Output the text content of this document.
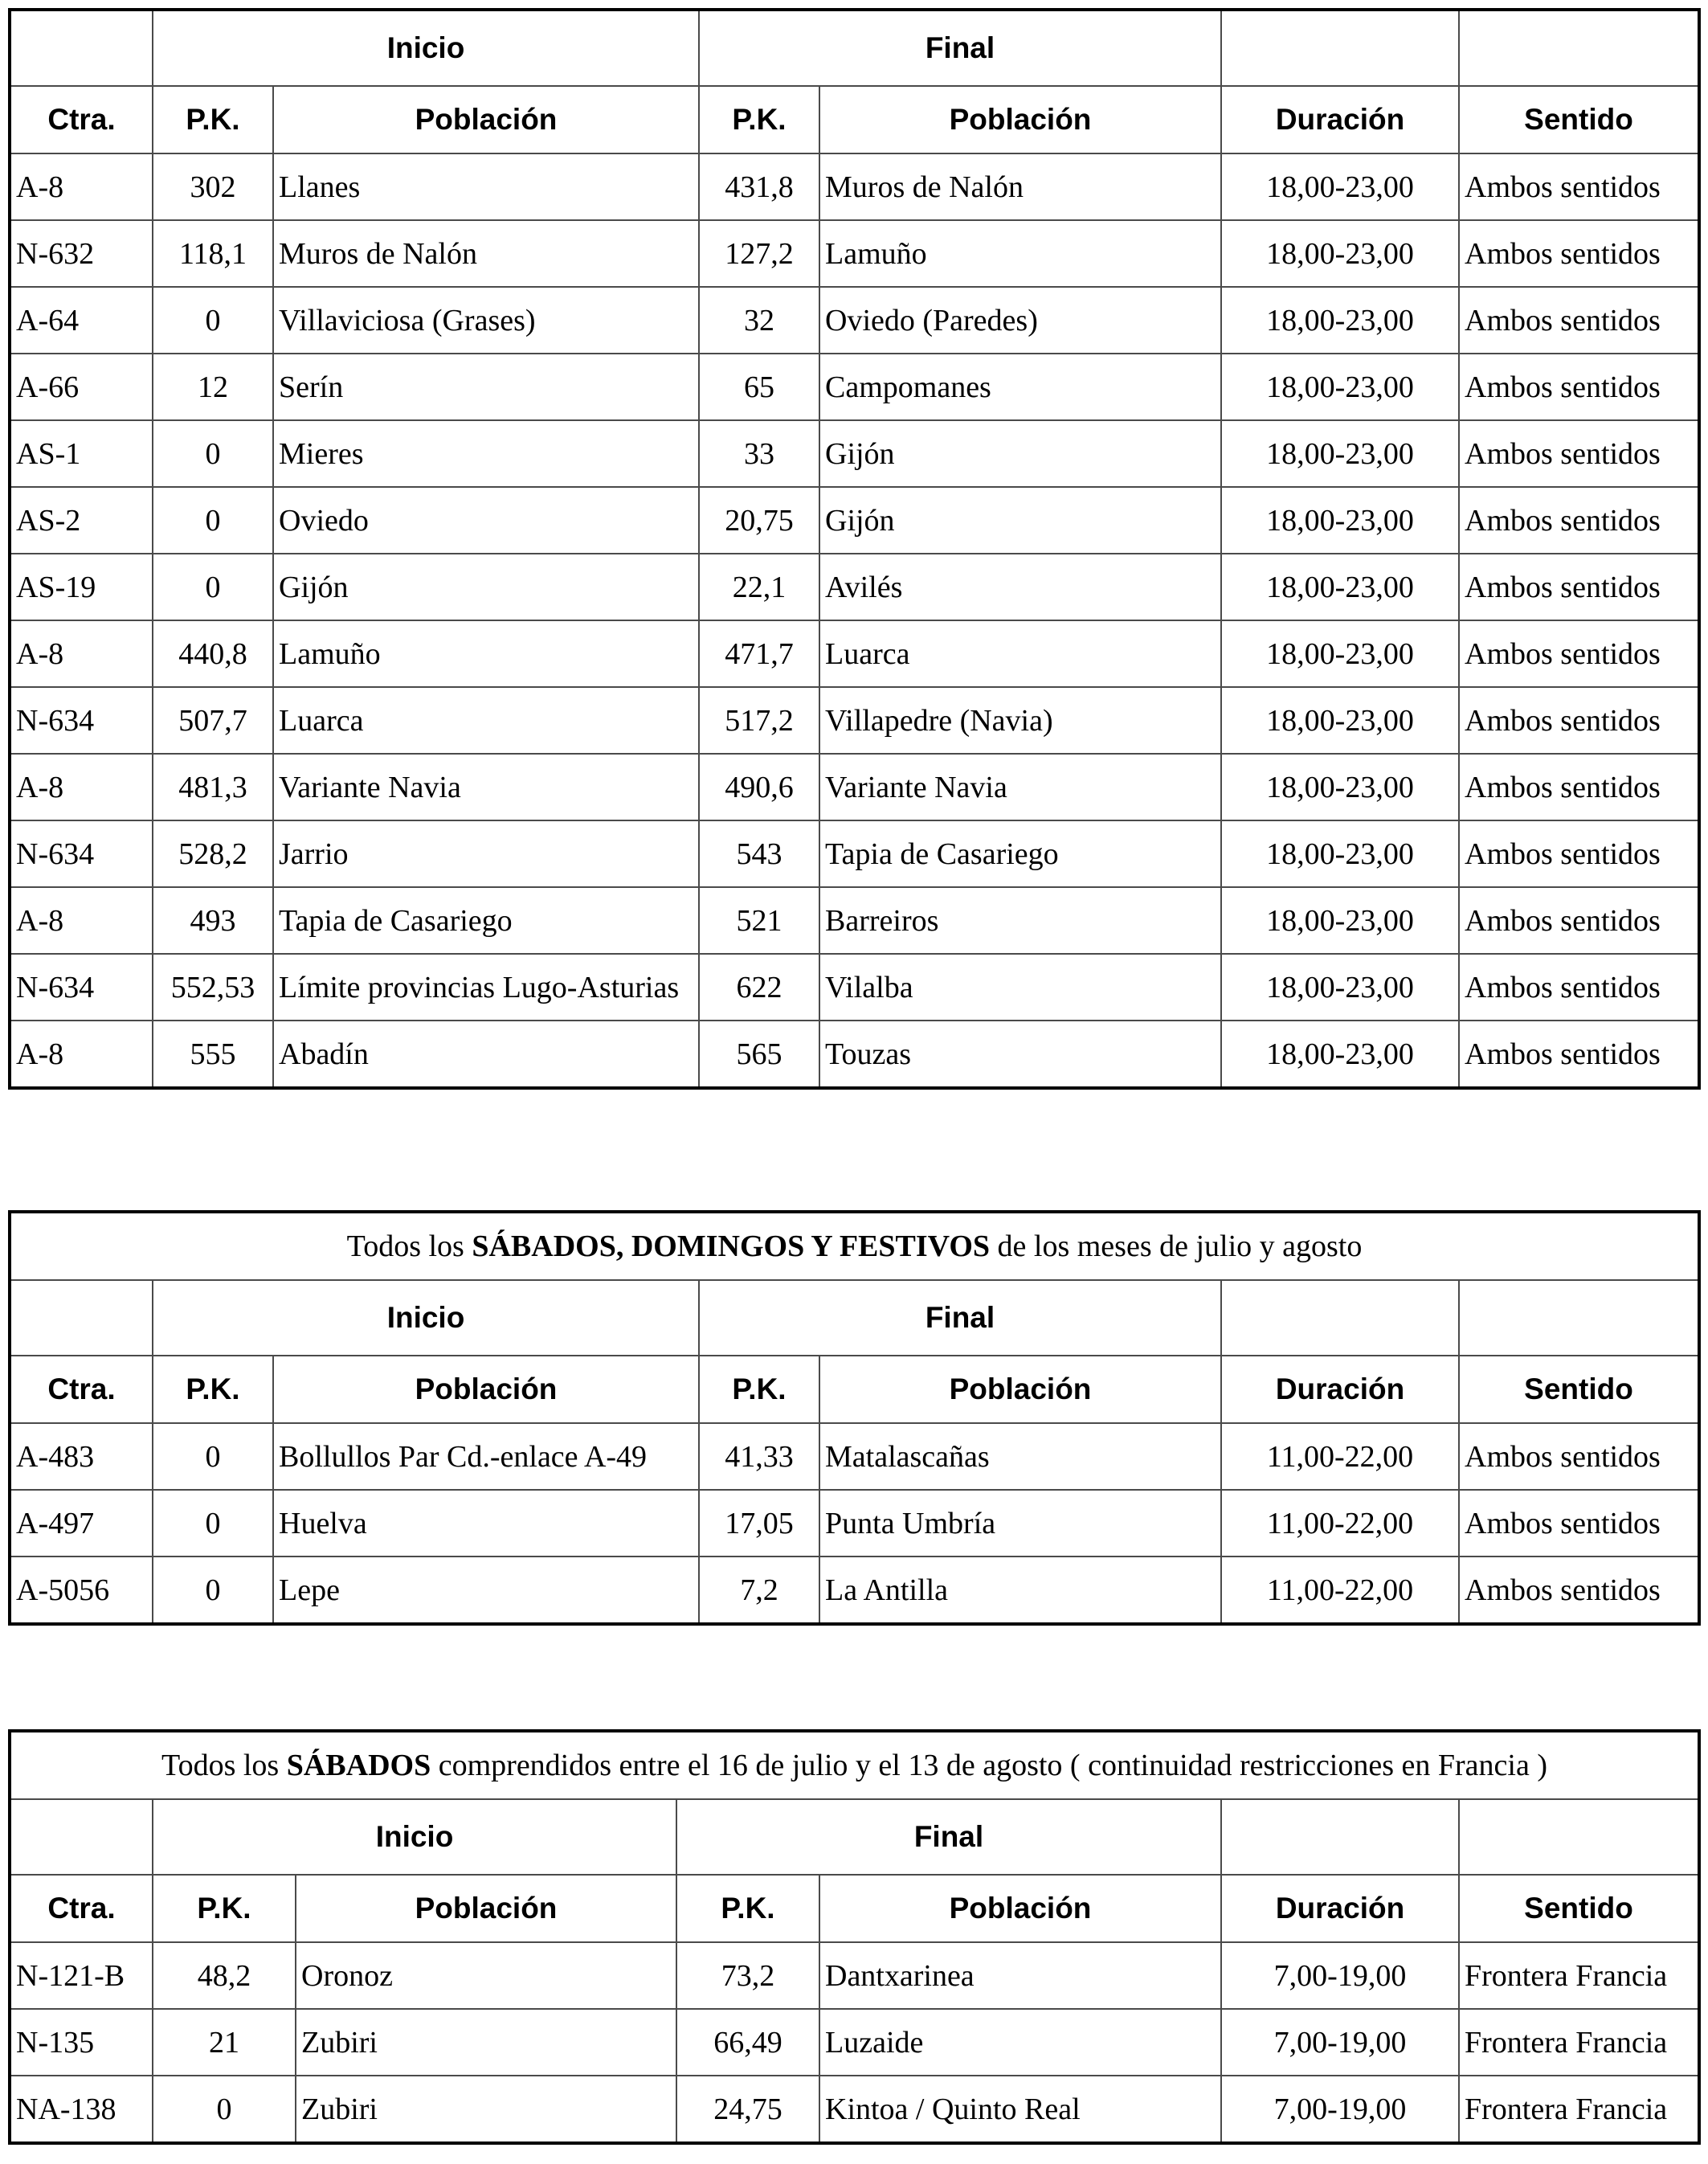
	Inicio		Final			
Ctra.	P.K.	Población	P.K.	Población	Duración	Sentido
A-8	302	Llanes	431,8	Muros de Nalón	18,00-23,00	Ambos sentidos
N-632	118,1	Muros de Nalón	127,2	Lamuño	18,00-23,00	Ambos sentidos
A-64	0	Villaviciosa (Grases)	32	Oviedo (Paredes)	18,00-23,00	Ambos sentidos
A-66	12	Serín	65	Campomanes	18,00-23,00	Ambos sentidos
AS-1	0	Mieres	33	Gijón	18,00-23,00	Ambos sentidos
AS-2	0	Oviedo	20,75	Gijón	18,00-23,00	Ambos sentidos
AS-19	0	Gijón	22,1	Avilés	18,00-23,00	Ambos sentidos
A-8	440,8	Lamuño	471,7	Luarca	18,00-23,00	Ambos sentidos
N-634	507,7	Luarca	517,2	Villapedre (Navia)	18,00-23,00	Ambos sentidos
A-8	481,3	Variante Navia	490,6	Variante Navia	18,00-23,00	Ambos sentidos
N-634	528,2	Jarrio	543	Tapia de Casariego	18,00-23,00	Ambos sentidos
A-8	493	Tapia de Casariego	521	Barreiros	18,00-23,00	Ambos sentidos
N-634	552,53	Límite provincias Lugo-Asturias	622	Vilalba	18,00-23,00	Ambos sentidos
A-8	555	Abadín	565	Touzas	18,00-23,00	Ambos sentidos
Todos los SÁBADOS, DOMINGOS Y FESTIVOS de los meses de julio y agosto						
	Inicio		Final			
Ctra.	P.K.	Población	P.K.	Población	Duración	Sentido
A-483	0	Bollullos Par Cd.-enlace A-49	41,33	Matalascañas	11,00-22,00	Ambos sentidos
A-497	0	Huelva	17,05	Punta Umbría	11,00-22,00	Ambos sentidos
A-5056	0	Lepe	7,2	La Antilla	11,00-22,00	Ambos sentidos
Todos los SÁBADOS comprendidos entre el 16 de julio y el 13 de agosto ( continuidad restricciones en Francia )						
	Inicio		Final			
Ctra.	P.K.	Población	P.K.	Población	Duración	Sentido
N-121-B	48,2	Oronoz	73,2	Dantxarinea	7,00-19,00	Frontera Francia
N-135	21	Zubiri	66,49	Luzaide	7,00-19,00	Frontera Francia
NA-138	0	Zubiri	24,75	Kintoa / Quinto Real	7,00-19,00	Frontera Francia
